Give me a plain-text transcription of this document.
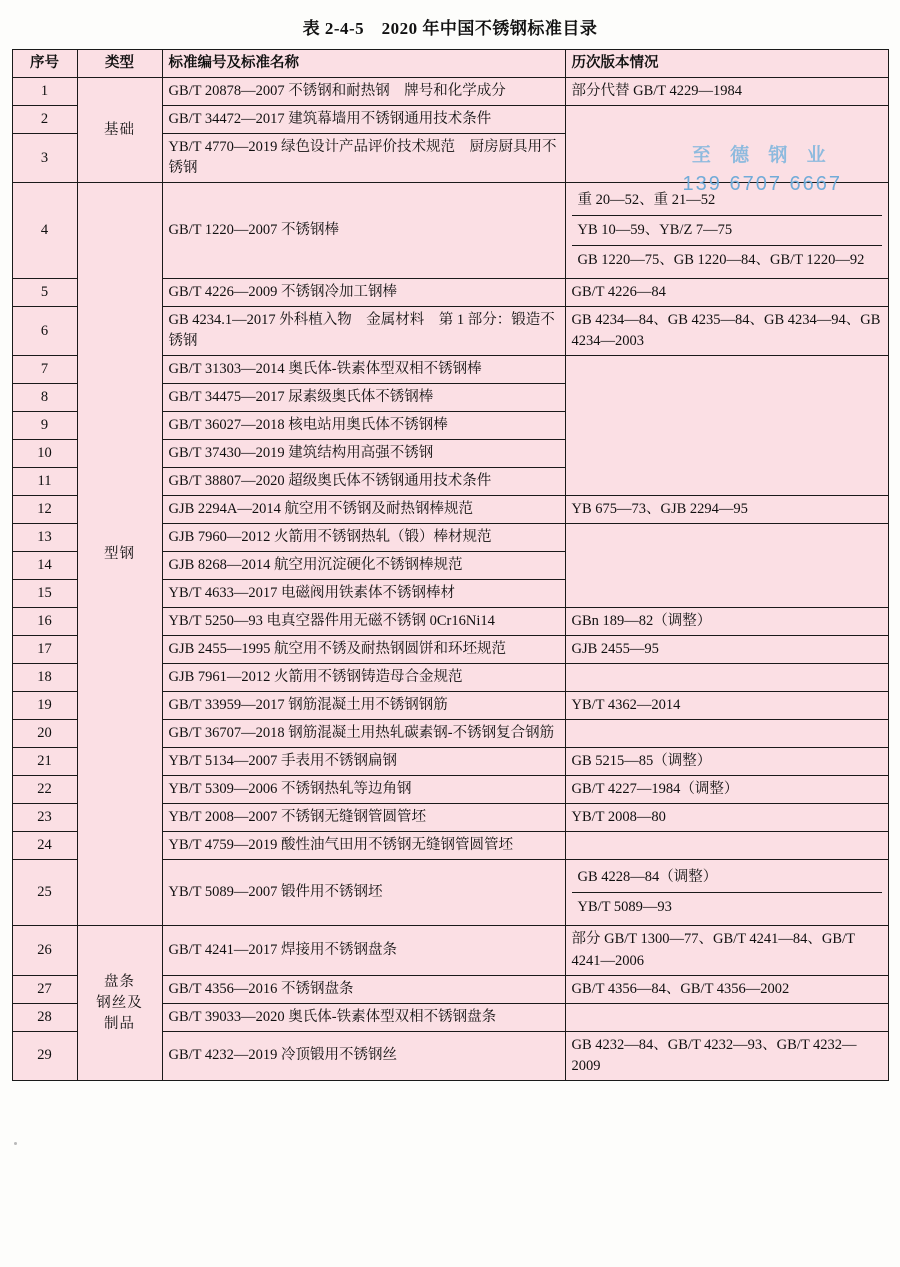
表 2-4-5　2020 年中国不锈钢标准目录
至 德 钢 业
139 6707 6667
序号	类型	标准编号及标准名称	历次版本情况
1	基础	GB/T 20878—2007 不锈钢和耐热钢　牌号和化学成分	部分代替 GB/T 4229—1984
2		GB/T 34472—2017 建筑幕墙用不锈钢通用技术条件	
3		YB/T 4770—2019 绿色设计产品评价技术规范　厨房厨具用不锈钢	
4	型钢	GB/T 1220—2007 不锈钢棒	重 20—52、重 21—52
YB 10—59、YB/Z 7—75
GB 1220—75、GB 1220—84、GB/T 1220—92

5		GB/T 4226—2009 不锈钢冷加工钢棒	GB/T 4226—84
6		GB 4234.1—2017 外科植入物　金属材料　第 1 部分：锻造不锈钢	GB 4234—84、GB 4235—84、GB 4234—94、GB 4234—2003
7		GB/T 31303—2014 奥氏体-铁素体型双相不锈钢棒	
8		GB/T 34475—2017 尿素级奥氏体不锈钢棒	
9		GB/T 36027—2018 核电站用奥氏体不锈钢棒	
10		GB/T 37430—2019 建筑结构用高强不锈钢	
11		GB/T 38807—2020 超级奥氏体不锈钢通用技术条件	
12		GJB 2294A—2014 航空用不锈钢及耐热钢棒规范	YB 675—73、GJB 2294—95
13		GJB 7960—2012 火箭用不锈钢热轧（锻）棒材规范	
14		GJB 8268—2014 航空用沉淀硬化不锈钢棒规范	
15		YB/T 4633—2017 电磁阀用铁素体不锈钢棒材	
16		YB/T 5250—93 电真空器件用无磁不锈钢 0Cr16Ni14	GBn 189—82（调整）
17		GJB 2455—1995 航空用不锈及耐热钢圆饼和环坯规范	GJB 2455—95
18		GJB 7961—2012 火箭用不锈钢铸造母合金规范	
19		GB/T 33959—2017 钢筋混凝土用不锈钢钢筋	YB/T 4362—2014
20		GB/T 36707—2018 钢筋混凝土用热轧碳素钢-不锈钢复合钢筋	
21		YB/T 5134—2007 手表用不锈钢扁钢	GB 5215—85（调整）
22		YB/T 5309—2006 不锈钢热轧等边角钢	GB/T 4227—1984（调整）
23		YB/T 2008—2007 不锈钢无缝钢管圆管坯	YB/T 2008—80
24		YB/T 4759—2019 酸性油气田用不锈钢无缝钢管圆管坯	
25		YB/T 5089—2007 锻件用不锈钢坯	GB 4228—84（调整）
YB/T 5089—93

26	盘条
钢丝及
制品	GB/T 4241—2017 焊接用不锈钢盘条	部分 GB/T 1300—77、GB/T 4241—84、GB/T 4241—2006
27		GB/T 4356—2016 不锈钢盘条	GB/T 4356—84、GB/T 4356—2002
28		GB/T 39033—2020 奥氏体-铁素体型双相不锈钢盘条	
29		GB/T 4232—2019 冷顶锻用不锈钢丝	GB 4232—84、GB/T 4232—93、GB/T 4232—2009
